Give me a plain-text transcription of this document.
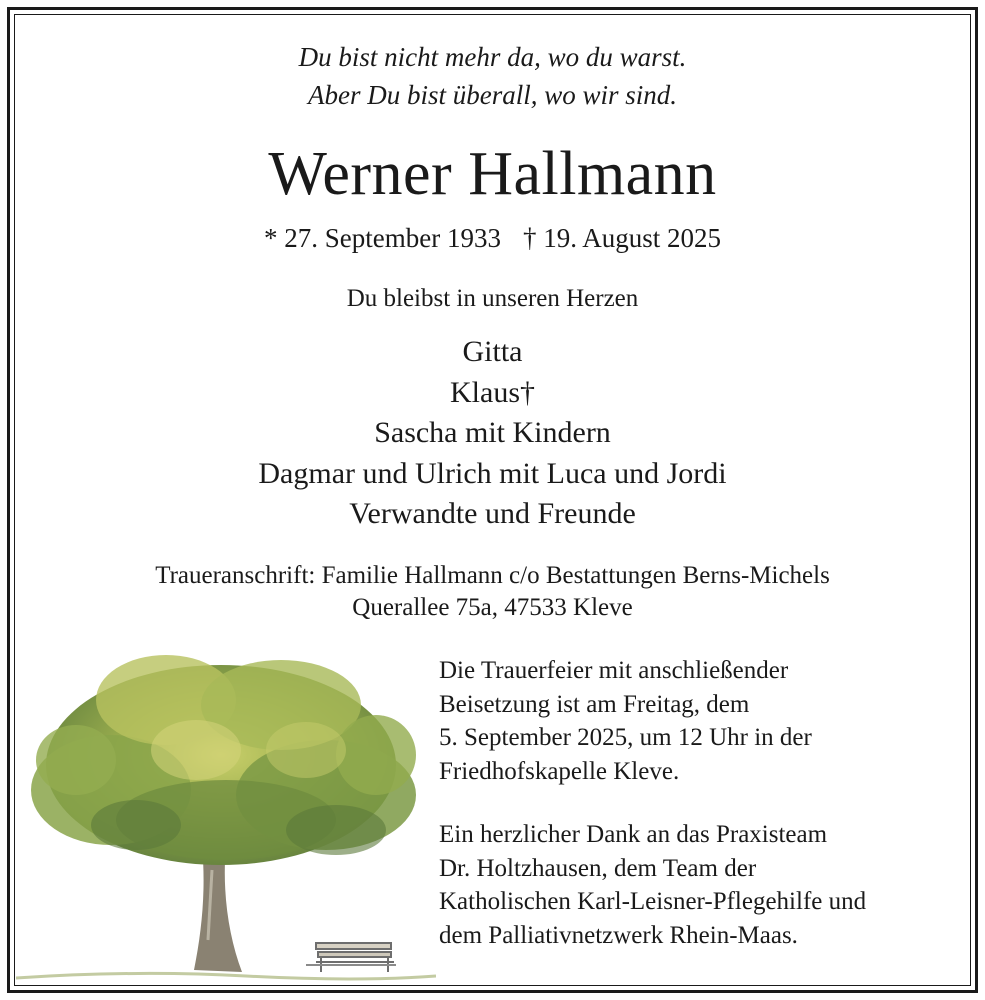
Du bist nicht mehr da, wo du warst.
Aber Du bist überall, wo wir sind.
Werner Hallmann
* 27. September 1933 † 19. August 2025
Du bleibst in unseren Herzen
Gitta
Klaus†
Sascha mit Kindern
Dagmar und Ulrich mit Luca und Jordi
Verwandte und Freunde
Traueranschrift: Familie Hallmann c/o Bestattungen Berns-Michels
Querallee 75a, 47533 Kleve
Die Trauerfeier mit anschließender
Beisetzung ist am Freitag, dem
5. September 2025, um 12 Uhr in der
Friedhofskapelle Kleve.
Ein herzlicher Dank an das Praxisteam
Dr. Holtzhausen, dem Team der
Katholischen Karl-Leisner-Pflegehilfe und
dem Palliativnetzwerk Rhein-Maas.
